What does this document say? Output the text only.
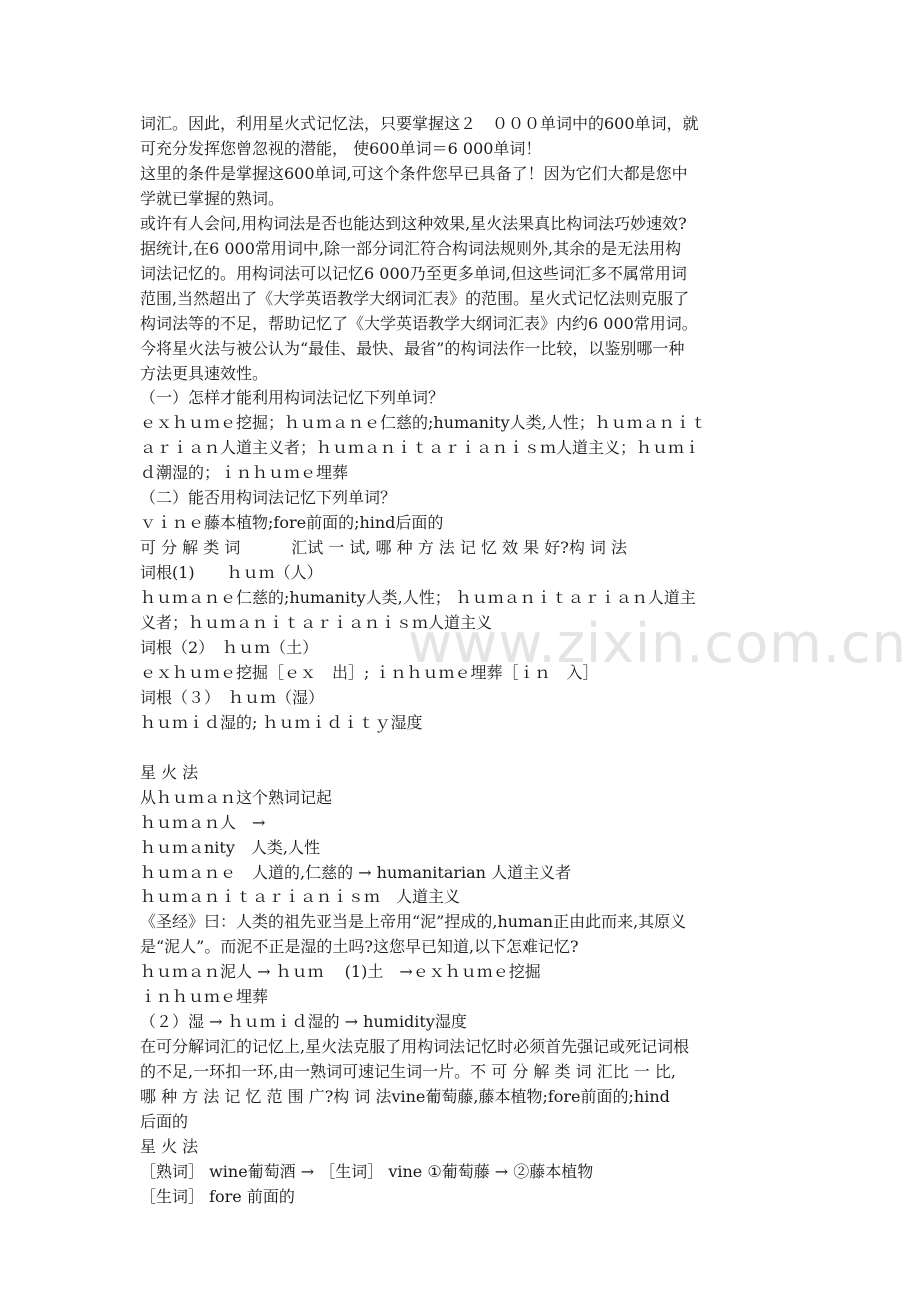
www.zixin.com.cn
词汇。因此，利用星火式记忆法，只要掌握这２　０００单词中的600单词，就
可充分发挥您曾忽视的潜能， 使600单词＝6 000单词！
这里的条件是掌握这600单词,可这个条件您早已具备了！因为它们大都是您中
学就已掌握的熟词。
或许有人会问,用构词法是否也能达到这种效果,星火法果真比构词法巧妙速效?
据统计,在6 000常用词中,除一部分词汇符合构词法规则外,其余的是无法用构
词法记忆的。用构词法可以记忆6 000乃至更多单词,但这些词汇多不属常用词
范围,当然超出了《大学英语教学大纲词汇表》的范围。星火式记忆法则克服了
构词法等的不足，帮助记忆了《大学英语教学大纲词汇表》内约6 000常用词。
今将星火法与被公认为“最佳、最快、最省”的构词法作一比较，以鉴别哪一种
方法更具速效性。
（一）怎样才能利用构词法记忆下列单词？
ｅｘｈｕｍｅ挖掘；ｈｕｍａｎｅ仁慈的;humanity人类,人性；ｈｕｍａｎｉｔ
ａｒｉａｎ人道主义者；ｈｕｍａｎｉｔａｒｉａｎｉｓｍ人道主义；ｈｕｍｉ
ｄ潮湿的；ｉｎｈｕｍｅ埋葬
（二）能否用构词法记忆下列单词？
ｖｉｎｅ藤本植物;fore前面的;hind后面的
可 分 解 类 词          汇试 一 试, 哪 种 方 法 记 忆 效 果 好?构 词 法
词根(1)　　ｈｕｍ（人）
ｈｕｍａｎｅ仁慈的;humanity人类,人性； ｈｕｍａｎｉｔａｒｉａｎ人道主
义者；ｈｕｍａｎｉｔａｒｉａｎｉｓｍ人道主义
词根（2）　ｈｕｍ（土）
ｅｘｈｕｍｅ挖掘［ｅｘ　出］; ｉｎｈｕｍｅ埋葬［ｉｎ　入］
词根（３）　ｈｕｍ（湿）
ｈｕｍｉｄ湿的; ｈｕｍｉｄｉｔｙ湿度
星 火 法
从ｈｕｍａｎ这个熟词记起
ｈｕｍａｎ人　→
ｈｕｍａnity　人类,人性
ｈｕｍａｎｅ　人道的,仁慈的 → humanitarian 人道主义者
ｈｕｍａｎｉｔａｒｉａｎｉｓｍ　人道主义
《圣经》曰：人类的祖先亚当是上帝用“泥”捏成的,human正由此而来,其原义
是“泥人”。而泥不正是湿的土吗?这您早已知道,以下怎难记忆?
ｈｕｍａｎ泥人 → ｈｕｍ　 (1)土　→ｅｘｈｕｍｅ挖掘
ｉｎｈｕｍｅ埋葬
（２）湿 → ｈｕｍｉｄ湿的 → humidity湿度
在可分解词汇的记忆上,星火法克服了用构词法记忆时必须首先强记或死记词根
的不足,一环扣一环,由一熟词可速记生词一片。不 可 分 解 类 词 汇比 一 比,
哪 种 方 法 记 忆 范 围 广?构 词 法vine葡萄藤,藤本植物;fore前面的;hind
后面的
星 火 法
［熟词］ wine葡萄酒 → ［生词］ vine ①葡萄藤 → ②藤本植物
［生词］ fore 前面的
